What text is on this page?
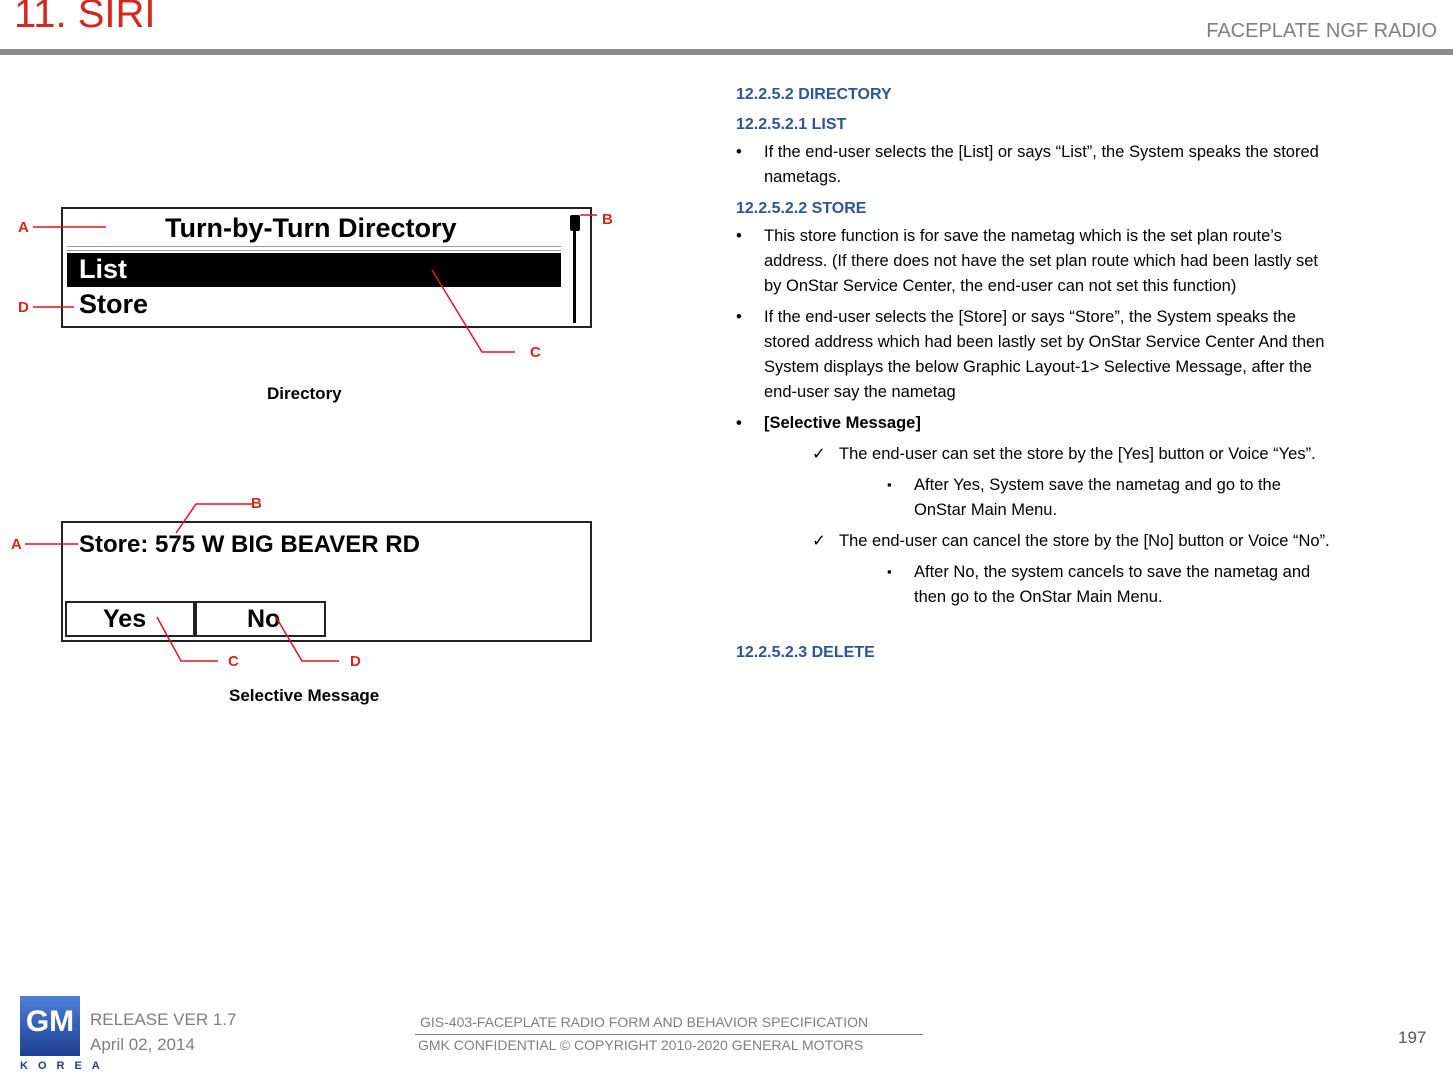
11. SIRI	FACEPLATE NGF RADIO
Turn-by-Turn Directory
List
Store
A
D
B
C
Directory
Store: 575 W BIG BEAVER RD
Yes	No
A
B
C	D
Selective Message
12.2.5.2 DIRECTORY
12.2.5.2.1 LIST
• If the end-user selects the [List] or says “List”, the System speaks the stored nametags.
12.2.5.2.2 STORE
• This store function is for save the nametag which is the set plan route’s address. (If there does not have the set plan route which had been lastly set by OnStar Service Center, the end-user can not set this function)
• If the end-user selects the [Store] or says “Store”, the System speaks the stored address which had been lastly set by OnStar Service Center And then System displays the below Graphic Layout-1> Selective Message, after the end-user say the nametag
• [Selective Message]
✓ The end-user can set the store by the [Yes] button or Voice “Yes”.
▪ After Yes, System save the nametag and go to the OnStar Main Menu.
✓ The end-user can cancel the store by the [No] button or Voice “No”.
▪ After No, the system cancels to save the nametag and then go to the OnStar Main Menu.
12.2.5.2.3 DELETE
GM
KOREA
RELEASE VER 1.7
April 02, 2014
GIS-403-FACEPLATE RADIO FORM AND BEHAVIOR SPECIFICATION
GMK CONFIDENTIAL © COPYRIGHT 2010-2020 GENERAL MOTORS	197
